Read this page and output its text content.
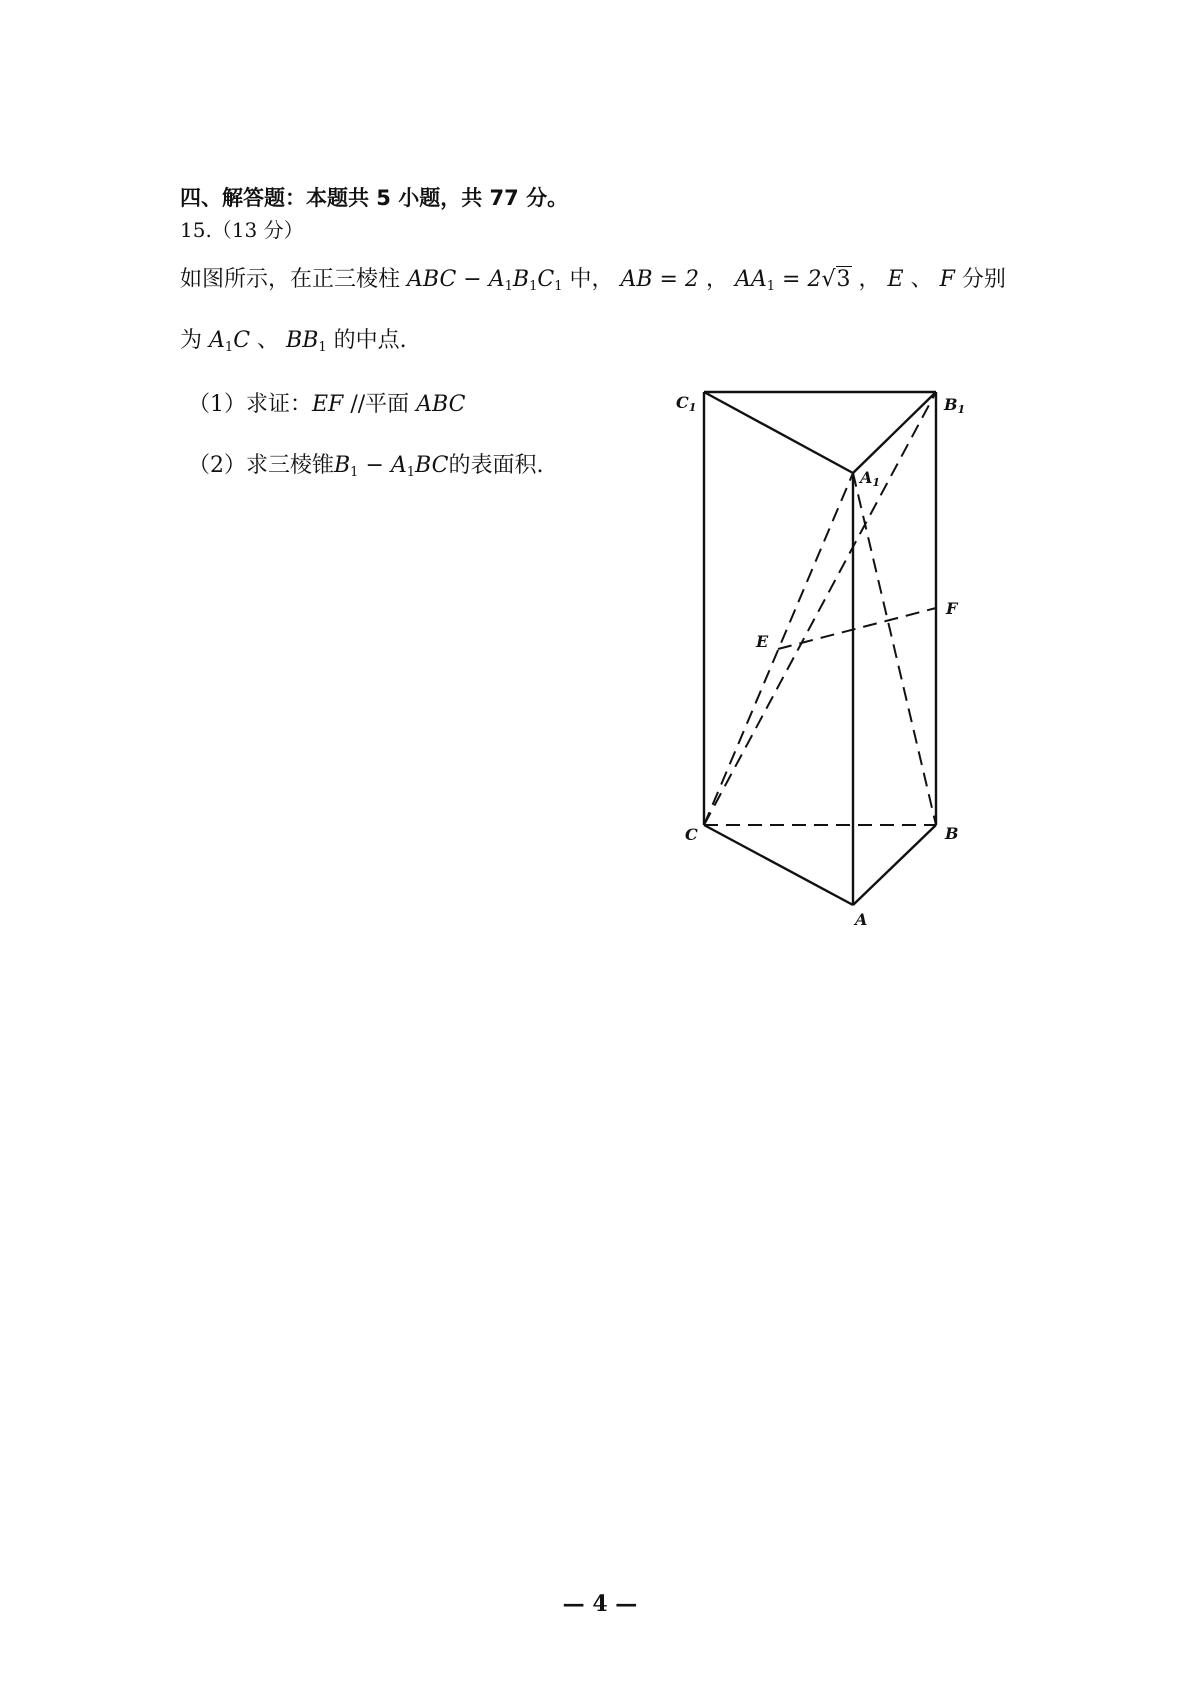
四、解答题：本题共 5 小题，共 77 分。
15.（13 分）
如图所示，在正三棱柱 ABC − $A_1B_1C_1$ 中， AB = 2 ， $AA_1 = 2√3$ ， E 、 F 分别
为 $A_1C$ 、 $BB_1$ 的中点.
（1）求证：EF //平面 ABC
（2）求三棱锥$B_1 - A_1BC$的表面积.
C1	B1
A1
F
E
C	B
A
— 4 —
